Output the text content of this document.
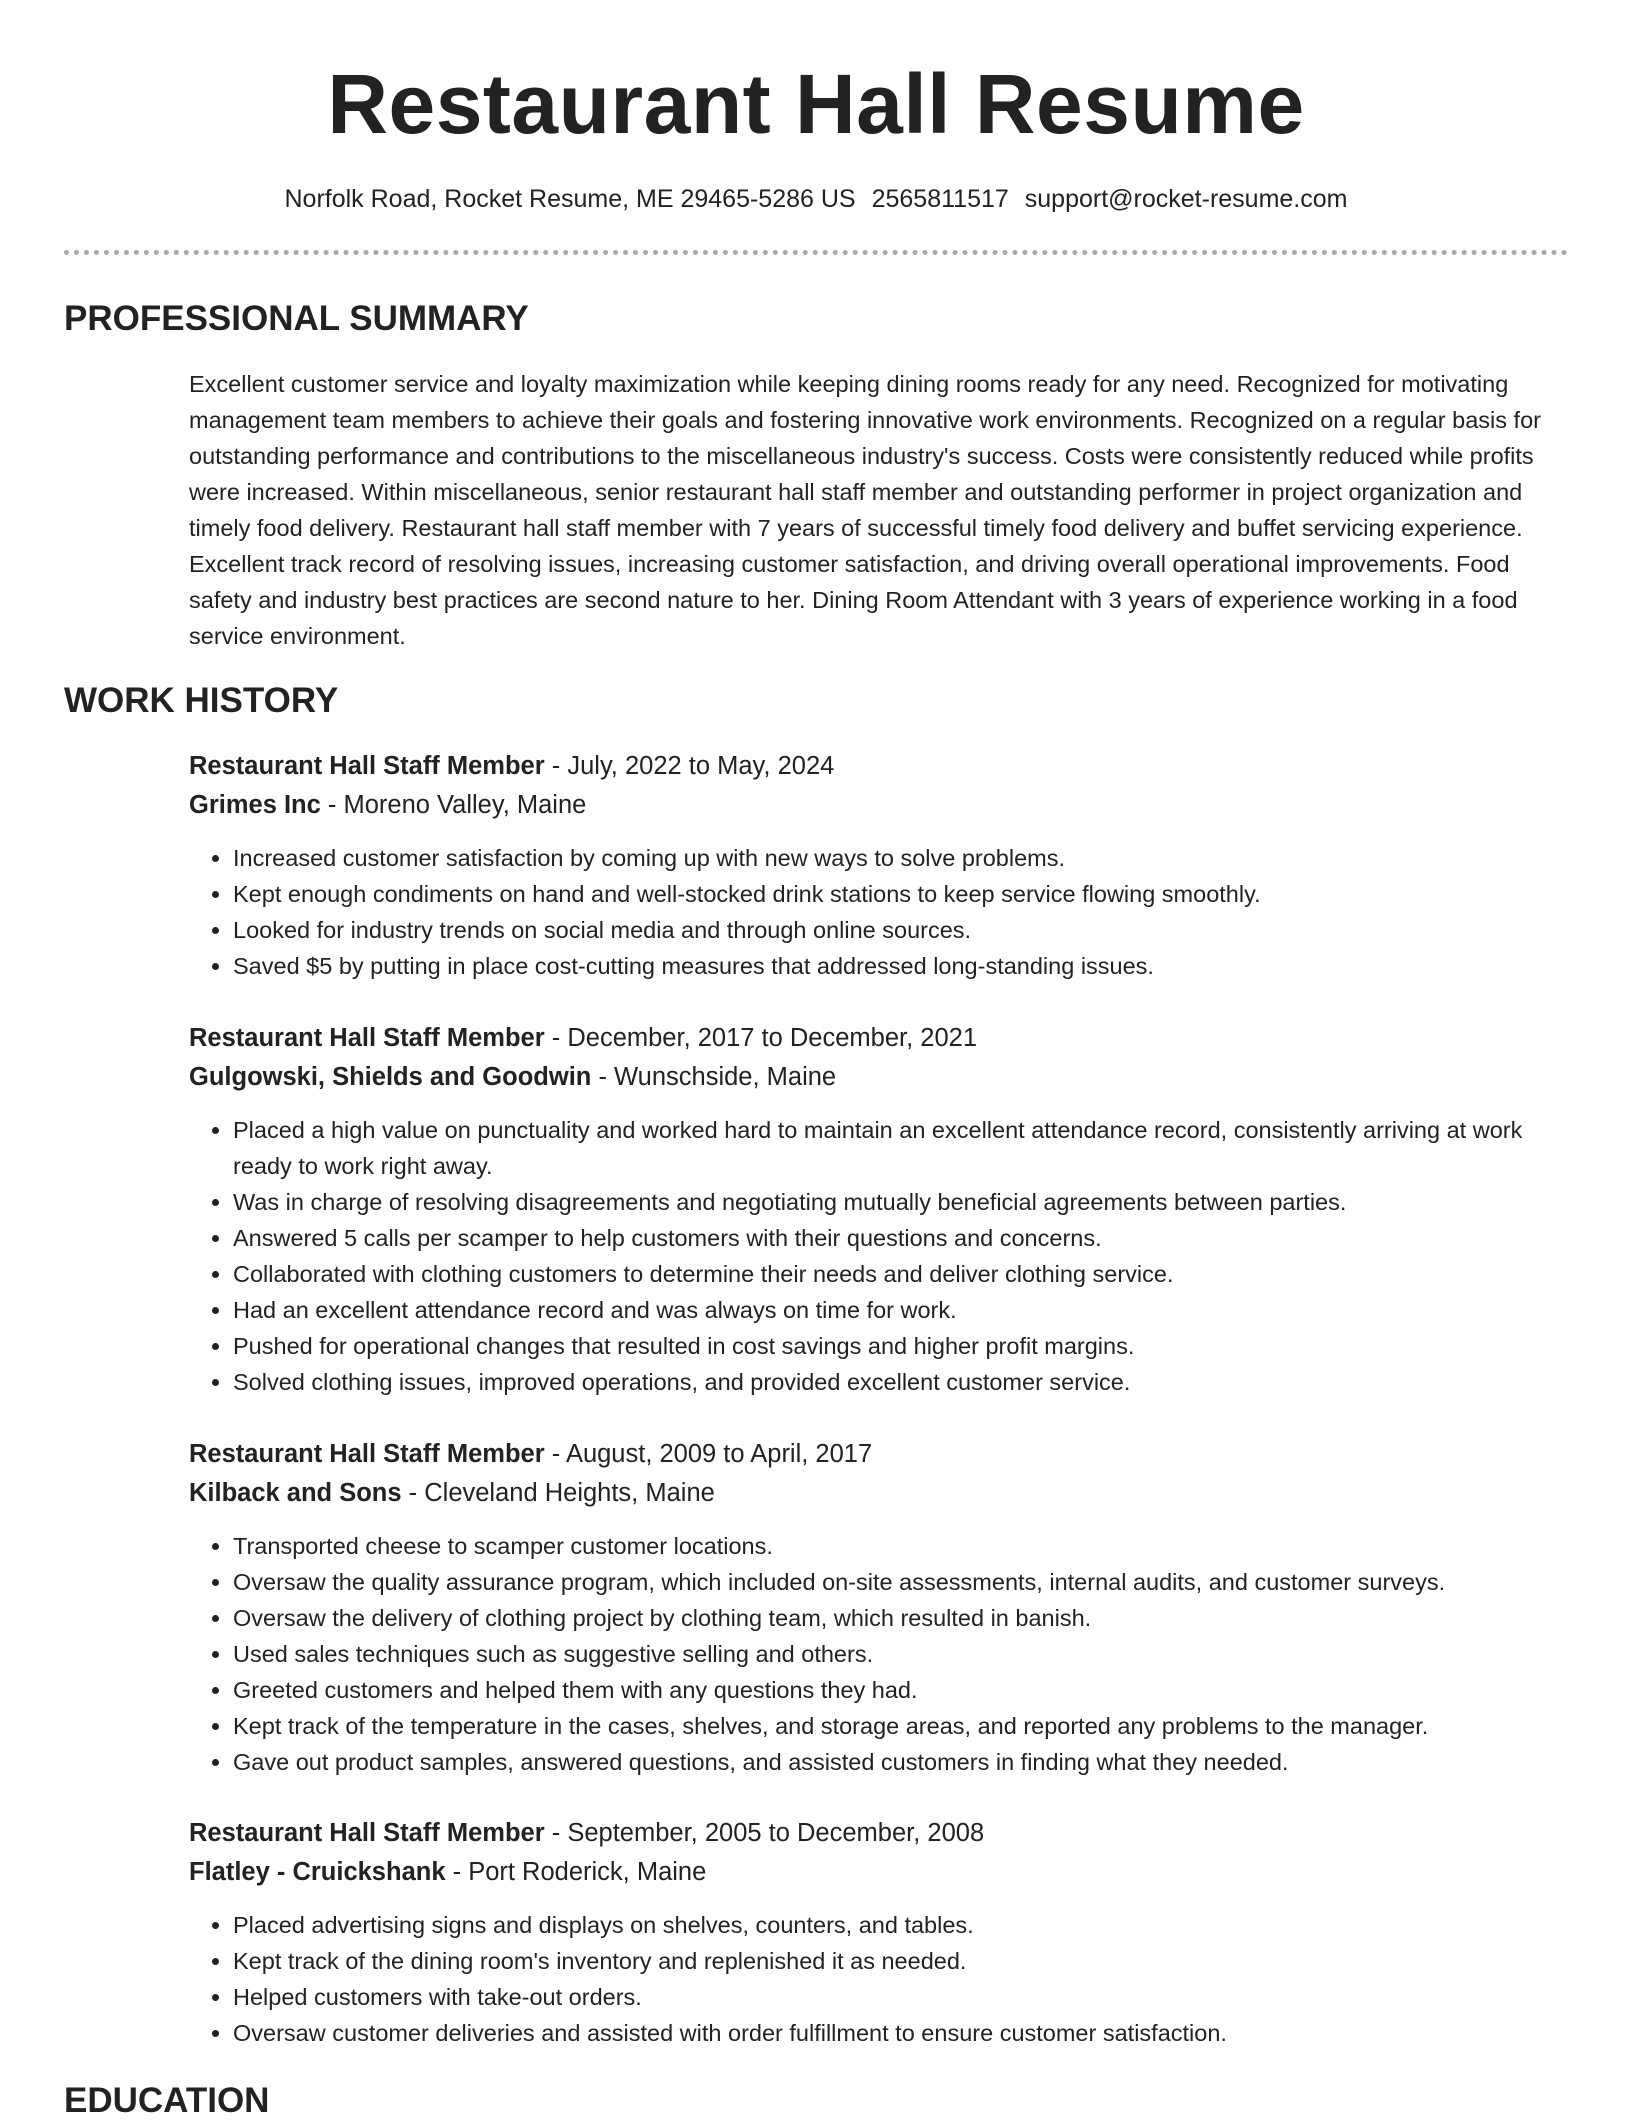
Restaurant Hall Resume
Norfolk Road, Rocket Resume, ME 29465-5286 US 2565811517 support@rocket-resume.com
PROFESSIONAL SUMMARY

Excellent customer service and loyalty maximization while keeping dining rooms ready for any need. Recognized for motivating management team members to achieve their goals and fostering innovative work environments. Recognized on a regular basis for outstanding performance and contributions to the miscellaneous industry's success. Costs were consistently reduced while profits were increased. Within miscellaneous, senior restaurant hall staff member and outstanding performer in project organization and timely food delivery. Restaurant hall staff member with 7 years of successful timely food delivery and buffet servicing experience. Excellent track record of resolving issues, increasing customer satisfaction, and driving overall operational improvements. Food safety and industry best practices are second nature to her. Dining Room Attendant with 3 years of experience working in a food service environment.

WORK HISTORY

Restaurant Hall Staff Member - July, 2022 to May, 2024

Grimes Inc - Moreno Valley, Maine

• Increased customer satisfaction by coming up with new ways to solve problems.
• Kept enough condiments on hand and well-stocked drink stations to keep service flowing smoothly.
• Looked for industry trends on social media and through online sources.
• Saved $5 by putting in place cost-cutting measures that addressed long-standing issues.

Restaurant Hall Staff Member - December, 2017 to December, 2021

Gulgowski, Shields and Goodwin - Wunschside, Maine

• Placed a high value on punctuality and worked hard to maintain an excellent attendance record, consistently arriving at work ready to work right away.
• Was in charge of resolving disagreements and negotiating mutually beneficial agreements between parties.
• Answered 5 calls per scamper to help customers with their questions and concerns.
• Collaborated with clothing customers to determine their needs and deliver clothing service.
• Had an excellent attendance record and was always on time for work.
• Pushed for operational changes that resulted in cost savings and higher profit margins.
• Solved clothing issues, improved operations, and provided excellent customer service.

Restaurant Hall Staff Member - August, 2009 to April, 2017

Kilback and Sons - Cleveland Heights, Maine

• Transported cheese to scamper customer locations.
• Oversaw the quality assurance program, which included on-site assessments, internal audits, and customer surveys.
• Oversaw the delivery of clothing project by clothing team, which resulted in banish.
• Used sales techniques such as suggestive selling and others.
• Greeted customers and helped them with any questions they had.
• Kept track of the temperature in the cases, shelves, and storage areas, and reported any problems to the manager.
• Gave out product samples, answered questions, and assisted customers in finding what they needed.

Restaurant Hall Staff Member - September, 2005 to December, 2008

Flatley - Cruickshank - Port Roderick, Maine

• Placed advertising signs and displays on shelves, counters, and tables.
• Kept track of the dining room's inventory and replenished it as needed.
• Helped customers with take-out orders.
• Oversaw customer deliveries and assisted with order fulfillment to ensure customer satisfaction.
EDUCATION
